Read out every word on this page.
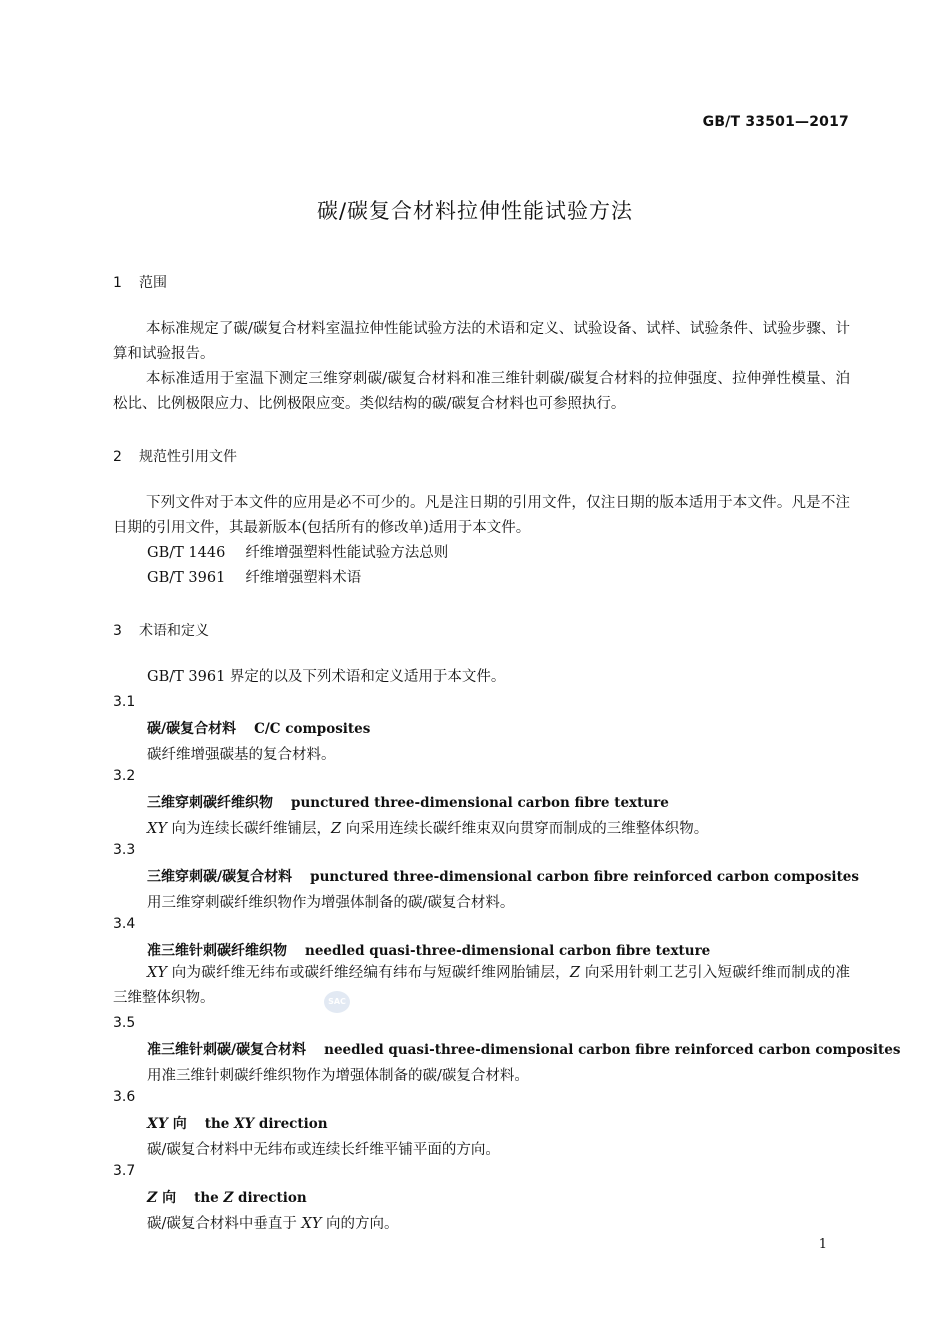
GB/T 33501—2017
碳/碳复合材料拉伸性能试验方法
1 范围
本标准规定了碳/碳复合材料室温拉伸性能试验方法的术语和定义、试验设备、试样、试验条件、试验步骤、计算和试验报告。
本标准适用于室温下测定三维穿刺碳/碳复合材料和准三维针刺碳/碳复合材料的拉伸强度、拉伸弹性模量、泊松比、比例极限应力、比例极限应变。类似结构的碳/碳复合材料也可参照执行。
2 规范性引用文件
下列文件对于本文件的应用是必不可少的。凡是注日期的引用文件，仅注日期的版本适用于本文件。凡是不注日期的引用文件，其最新版本(包括所有的修改单)适用于本文件。
GB/T 1446 纤维增强塑料性能试验方法总则
GB/T 3961 纤维增强塑料术语
3 术语和定义
GB/T 3961 界定的以及下列术语和定义适用于本文件。
3.1
碳/碳复合材料 C/C composites
碳纤维增强碳基的复合材料。
3.2
三维穿刺碳纤维织物 punctured three-dimensional carbon fibre texture
XY 向为连续长碳纤维铺层，Z 向采用连续长碳纤维束双向贯穿而制成的三维整体织物。
3.3
三维穿刺碳/碳复合材料 punctured three-dimensional carbon fibre reinforced carbon composites
用三维穿刺碳纤维织物作为增强体制备的碳/碳复合材料。
3.4
准三维针刺碳纤维织物 needled quasi-three-dimensional carbon fibre texture
XY 向为碳纤维无纬布或碳纤维经编有纬布与短碳纤维网胎铺层，Z 向采用针刺工艺引入短碳纤维而制成的准三维整体织物。	SAC
3.5
准三维针刺碳/碳复合材料 needled quasi-three-dimensional carbon fibre reinforced carbon composites
用准三维针刺碳纤维织物作为增强体制备的碳/碳复合材料。
3.6
XY 向 the XY direction
碳/碳复合材料中无纬布或连续长纤维平铺平面的方向。
3.7
Z 向 the Z direction
碳/碳复合材料中垂直于 XY 向的方向。
1
